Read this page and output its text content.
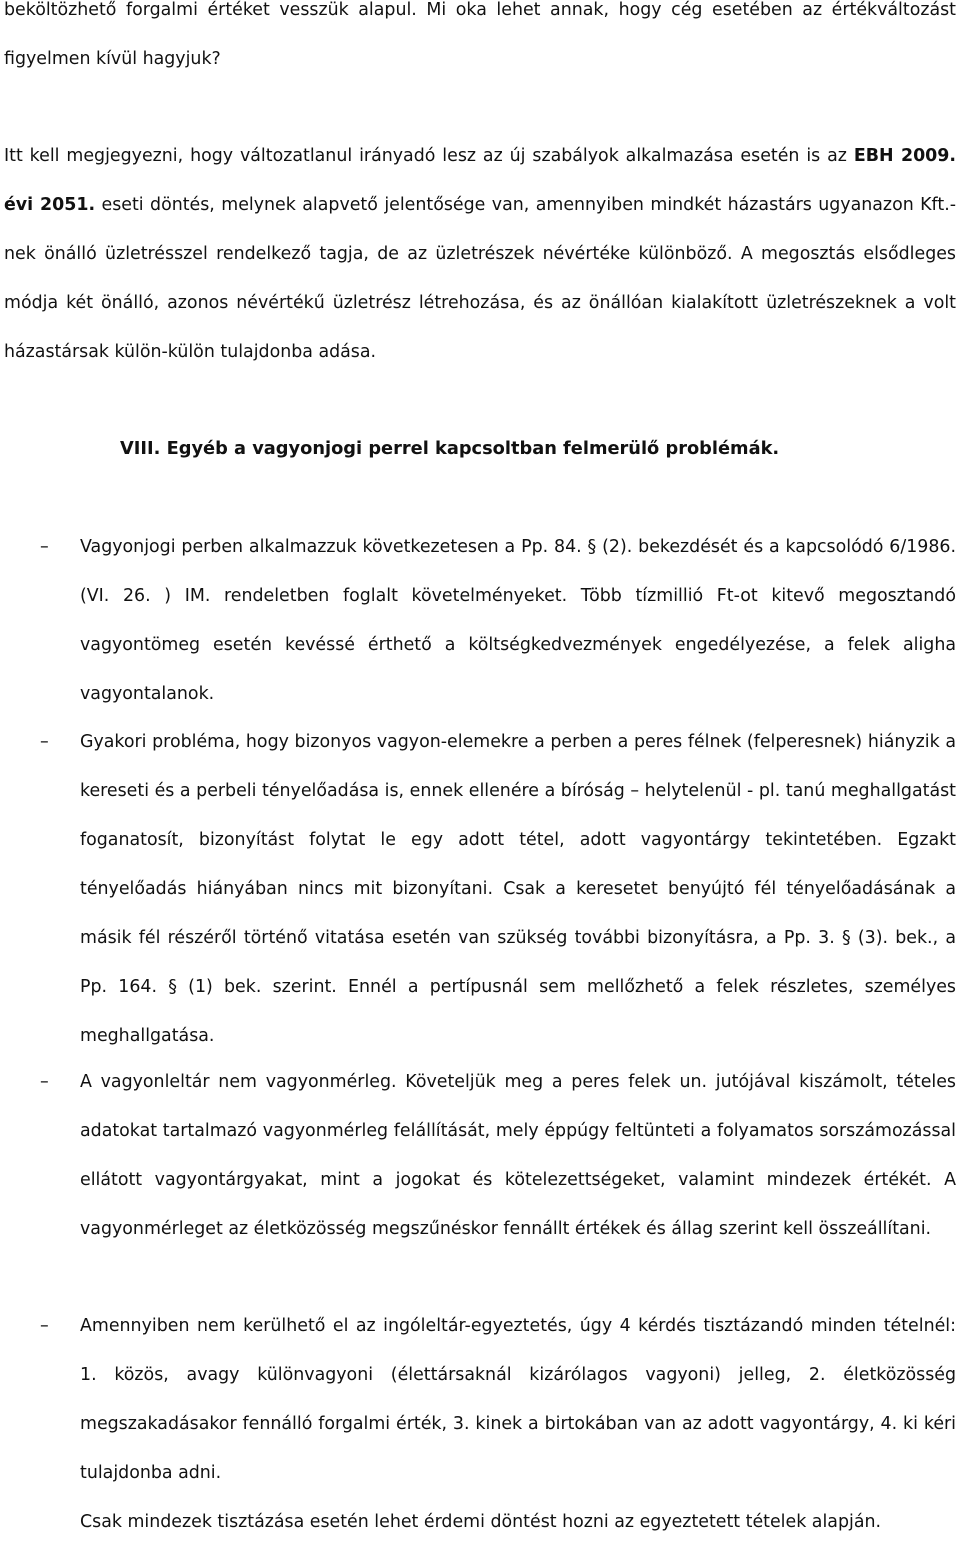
beköltözhető forgalmi értéket vesszük alapul. Mi oka lehet annak, hogy cég esetében az értékváltozást figyelmen kívül hagyjuk?
Itt kell megjegyezni, hogy változatlanul irányadó lesz az új szabályok alkalmazása esetén is az EBH 2009. évi 2051. eseti döntés, melynek alapvető jelentősége van, amennyiben mindkét házastárs ugyanazon Kft.-nek önálló üzletrésszel rendelkező tagja, de az üzletrészek névértéke különböző. A megosztás elsődleges módja két önálló, azonos névértékű üzletrész létrehozása, és az önállóan kialakított üzletrészeknek a volt házastársak külön-külön tulajdonba adása.
VIII. Egyéb a vagyonjogi perrel kapcsoltban felmerülő problémák.
–	Vagyonjogi perben alkalmazzuk következetesen a Pp. 84. § (2). bekezdését és a kapcsolódó 6/1986. (VI. 26. ) IM. rendeletben foglalt követelményeket. Több tízmillió Ft-ot kitevő megosztandó vagyontömeg esetén kevéssé érthető a költségkedvezmények engedélyezése, a felek aligha vagyontalanok.
–	Gyakori probléma, hogy bizonyos vagyon-elemekre a perben a peres félnek (felperesnek) hiányzik a kereseti és a perbeli tényelőadása is, ennek ellenére a bíróság – helytelenül - pl. tanú meghallgatást foganatosít, bizonyítást folytat le egy adott tétel, adott vagyontárgy tekintetében. Egzakt tényelőadás hiányában nincs mit bizonyítani. Csak a keresetet benyújtó fél tényelőadásának a másik fél részéről történő vitatása esetén van szükség további bizonyításra, a Pp. 3. § (3). bek., a Pp. 164. § (1) bek. szerint. Ennél a pertípusnál sem mellőzhető a felek részletes, személyes meghallgatása.
–	A vagyonleltár nem vagyonmérleg. Követeljük meg a peres felek un. jutójával kiszámolt, tételes adatokat tartalmazó vagyonmérleg felállítását, mely éppúgy feltünteti a folyamatos sorszámozással ellátott vagyontárgyakat, mint a jogokat és kötelezettségeket, valamint mindezek értékét. A vagyonmérleget az életközösség megszűnéskor fennállt értékek és állag szerint kell összeállítani.
–	Amennyiben nem kerülhető el az ingóleltár-egyeztetés, úgy 4 kérdés tisztázandó minden tételnél: 1. közös, avagy különvagyoni (élettársaknál kizárólagos vagyoni) jelleg, 2. életközösség megszakadásakor fennálló forgalmi érték, 3. kinek a birtokában van az adott vagyontárgy, 4. ki kéri tulajdonba adni.
Csak mindezek tisztázása esetén lehet érdemi döntést hozni az egyeztetett tételek alapján.
